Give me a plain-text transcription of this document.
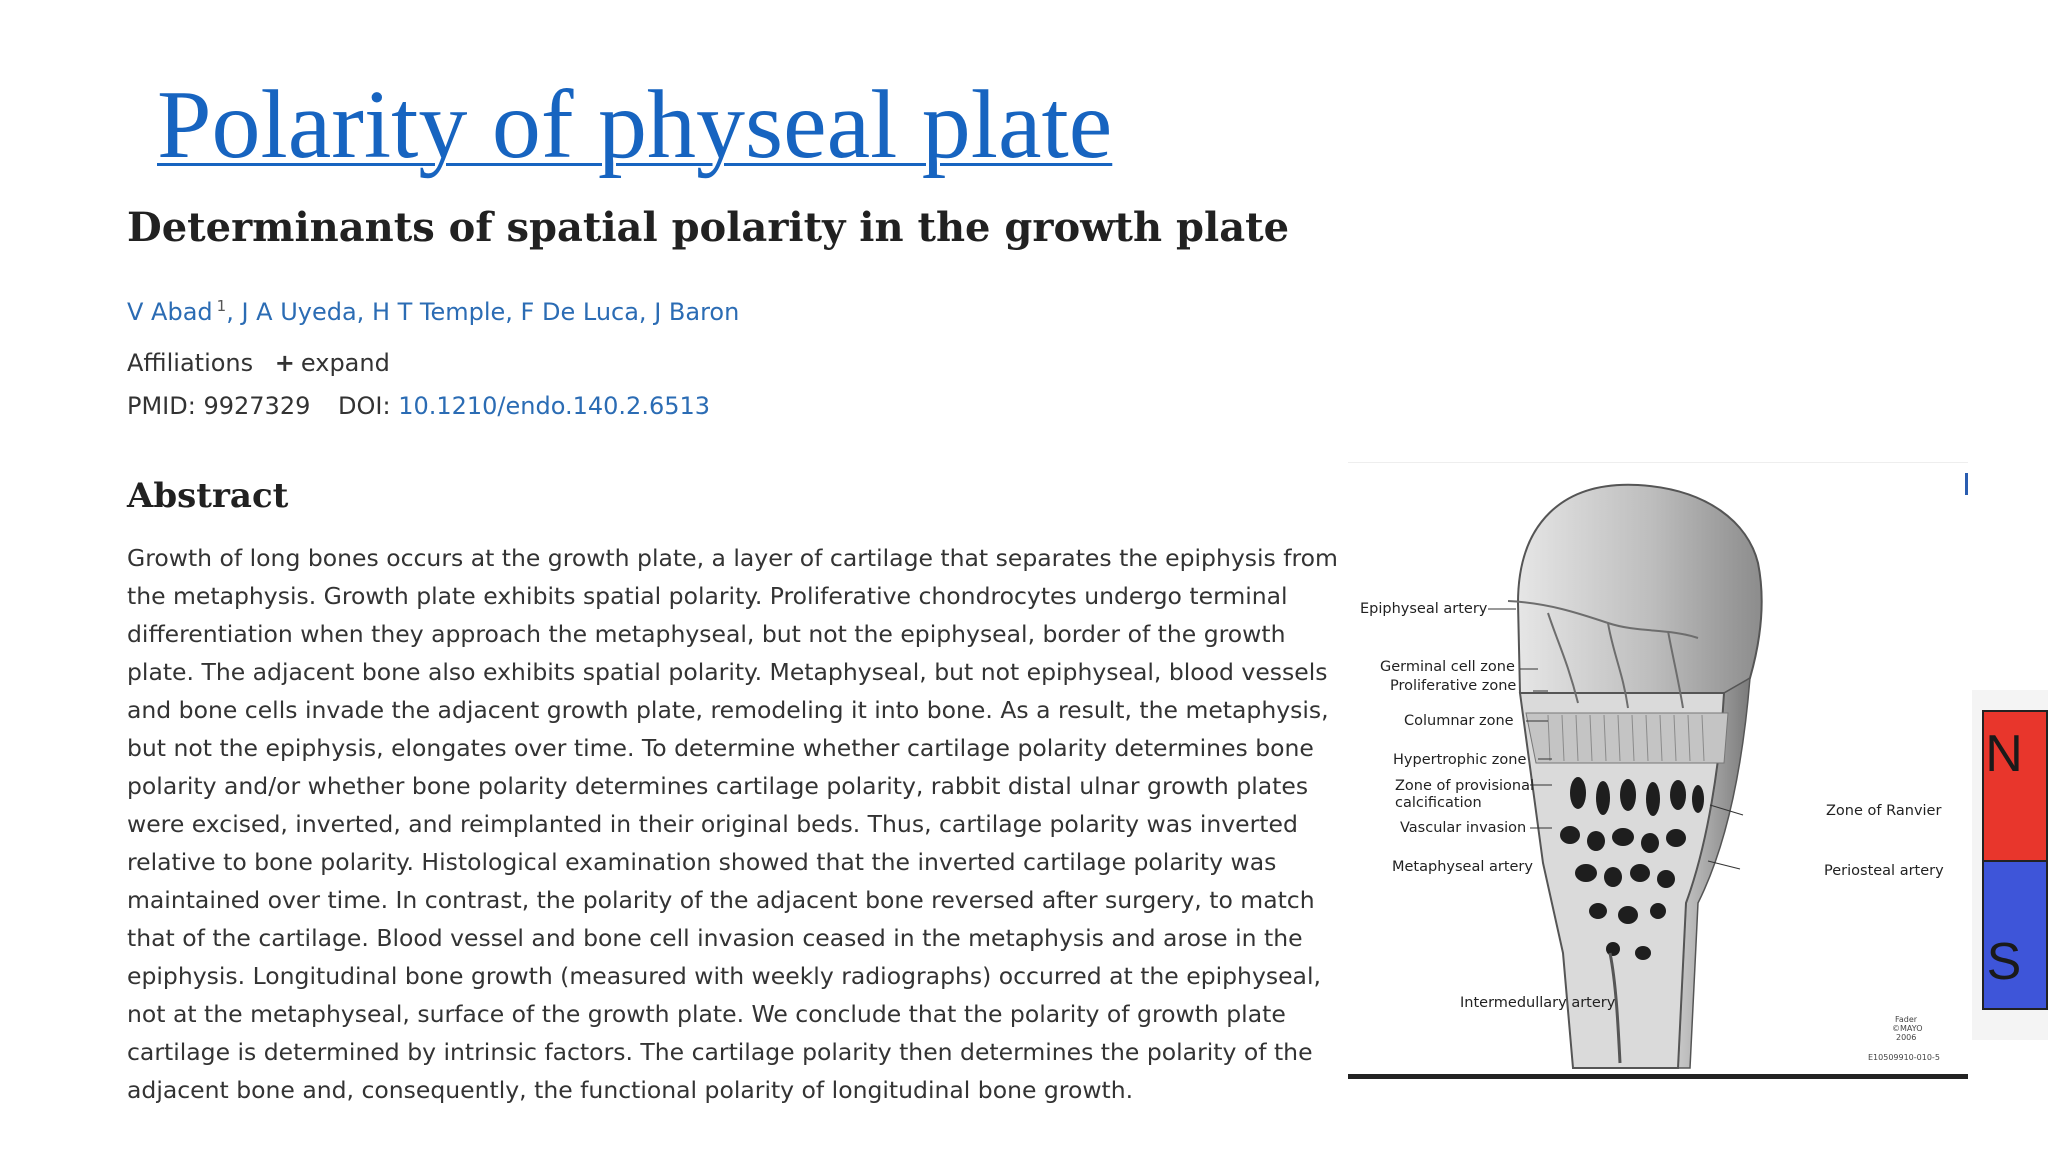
Polarity of physeal plate
Determinants of spatial polarity in the growth plate
V Abad $^1$, J A Uyeda, H T Temple, F De Luca, J Baron
Affiliations + expand
PMID: 9927329 DOI: 10.1210/endo.140.2.6513
Abstract

Growth of long bones occurs at the growth plate, a layer of cartilage that separates the epiphysis from
the metaphysis. Growth plate exhibits spatial polarity. Proliferative chondrocytes undergo terminal
differentiation when they approach the metaphyseal, but not the epiphyseal, border of the growth
plate. The adjacent bone also exhibits spatial polarity. Metaphyseal, but not epiphyseal, blood vessels
and bone cells invade the adjacent growth plate, remodeling it into bone. As a result, the metaphysis,
but not the epiphysis, elongates over time. To determine whether cartilage polarity determines bone
polarity and/or whether bone polarity determines cartilage polarity, rabbit distal ulnar growth plates
were excised, inverted, and reimplanted in their original beds. Thus, cartilage polarity was inverted
relative to bone polarity. Histological examination showed that the inverted cartilage polarity was
maintained over time. In contrast, the polarity of the adjacent bone reversed after surgery, to match
that of the cartilage. Blood vessel and bone cell invasion ceased in the metaphysis and arose in the
epiphysis. Longitudinal bone growth (measured with weekly radiographs) occurred at the epiphyseal,
not at the metaphyseal, surface of the growth plate. We conclude that the polarity of growth plate
cartilage is determined by intrinsic factors. The cartilage polarity then determines the polarity of the
adjacent bone and, consequently, the functional polarity of longitudinal bone growth.

Epiphyseal artery
Germinal cell zone
Proliferative zone
Columnar zone
Hypertrophic zone
Zone of provisional
calcification
Vascular invasion
Metaphyseal artery
Zone of Ranvier
Periosteal artery
Intermedullary artery
Fader
©MAYO
2006
E10509910-010-5
N
S
